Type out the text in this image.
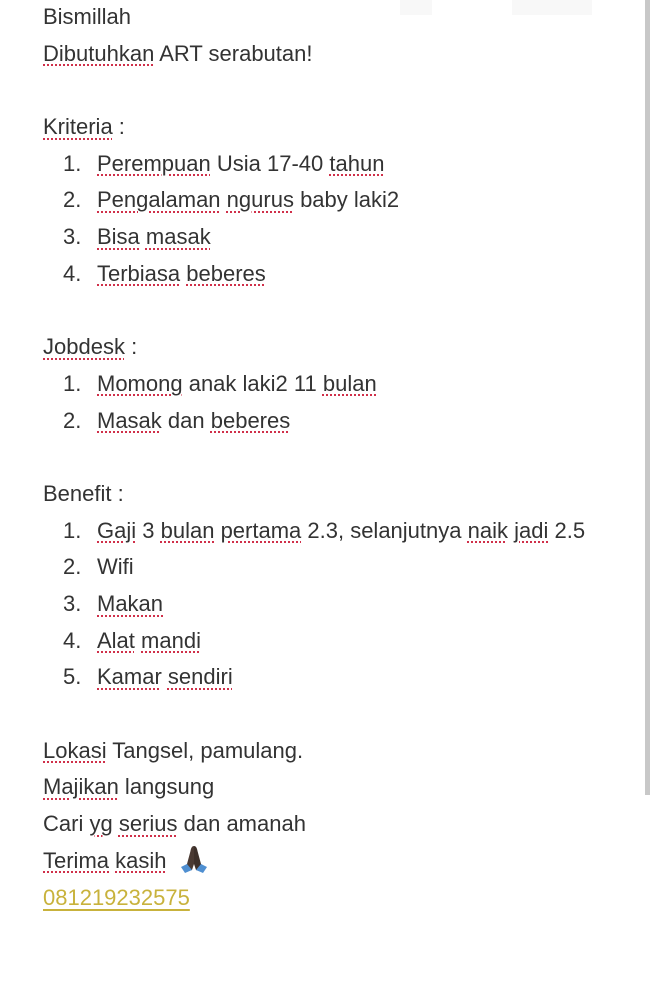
Bismillah
Dibutuhkan ART serabutan!
Kriteria :
1. Perempuan Usia 17-40 tahun
2. Pengalaman ngurus baby laki2
3. Bisa masak
4. Terbiasa beberes
Jobdesk :
1. Momong anak laki2 11 bulan
2. Masak dan beberes
Benefit :
1. Gaji 3 bulan pertama 2.3, selanjutnya naik jadi 2.5
2. Wifi
3. Makan
4. Alat mandi
5. Kamar sendiri
Lokasi Tangsel, pamulang.
Majikan langsung
Cari yg serius dan amanah
Terima kasih
081219232575
